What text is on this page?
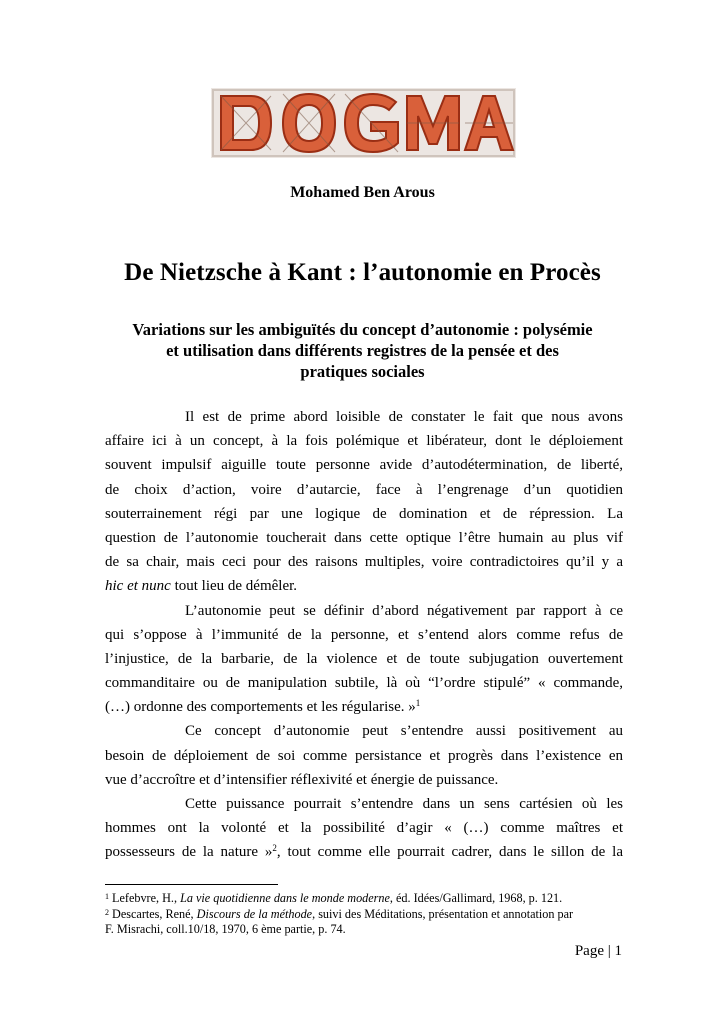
Mohamed Ben Arous
De Nietzsche à Kant : l’autonomie en Procès
Variations sur les ambiguïtés du concept d’autonomie : polysémie
et utilisation dans différents registres de la pensée et des
pratiques sociales
Il est de prime abord loisible de constater le fait que nous avons
affaire ici à un concept, à la fois polémique et libérateur, dont le déploiement
souvent impulsif aiguille toute personne avide d’autodétermination, de liberté,
de choix d’action, voire d’autarcie, face à l’engrenage d’un quotidien
souterrainement régi par une logique de domination et de répression. La
question de l’autonomie toucherait dans cette optique l’être humain au plus vif
de sa chair, mais ceci pour des raisons multiples, voire contradictoires qu’il y a
hic et nunc tout lieu de démêler.
L’autonomie peut se définir d’abord négativement par rapport à ce
qui s’oppose à l’immunité de la personne, et s’entend alors comme refus de
l’injustice, de la barbarie, de la violence et de toute subjugation ouvertement
commanditaire ou de manipulation subtile, là où “l’ordre stipulé” « commande,
(…) ordonne des comportements et les régularise. »$^1$
Ce concept d’autonomie peut s’entendre aussi positivement au
besoin de déploiement de soi comme persistance et progrès dans l’existence en
vue d’accroître et d’intensifier réflexivité et énergie de puissance.
Cette puissance pourrait s’entendre dans un sens cartésien où les
hommes ont la volonté et la possibilité d’agir « (…) comme maîtres et
possesseurs de la nature »$^2$, tout comme elle pourrait cadrer, dans le sillon de la
$^1$ Lefebvre, H., La vie quotidienne dans le monde moderne, éd. Idées/Gallimard, 1968, p. 121.
$^2$ Descartes, René, Discours de la méthode, suivi des Méditations, présentation et annotation par
F. Misrachi, coll.10/18, 1970, 6 ème partie, p. 74.
Page | 1
